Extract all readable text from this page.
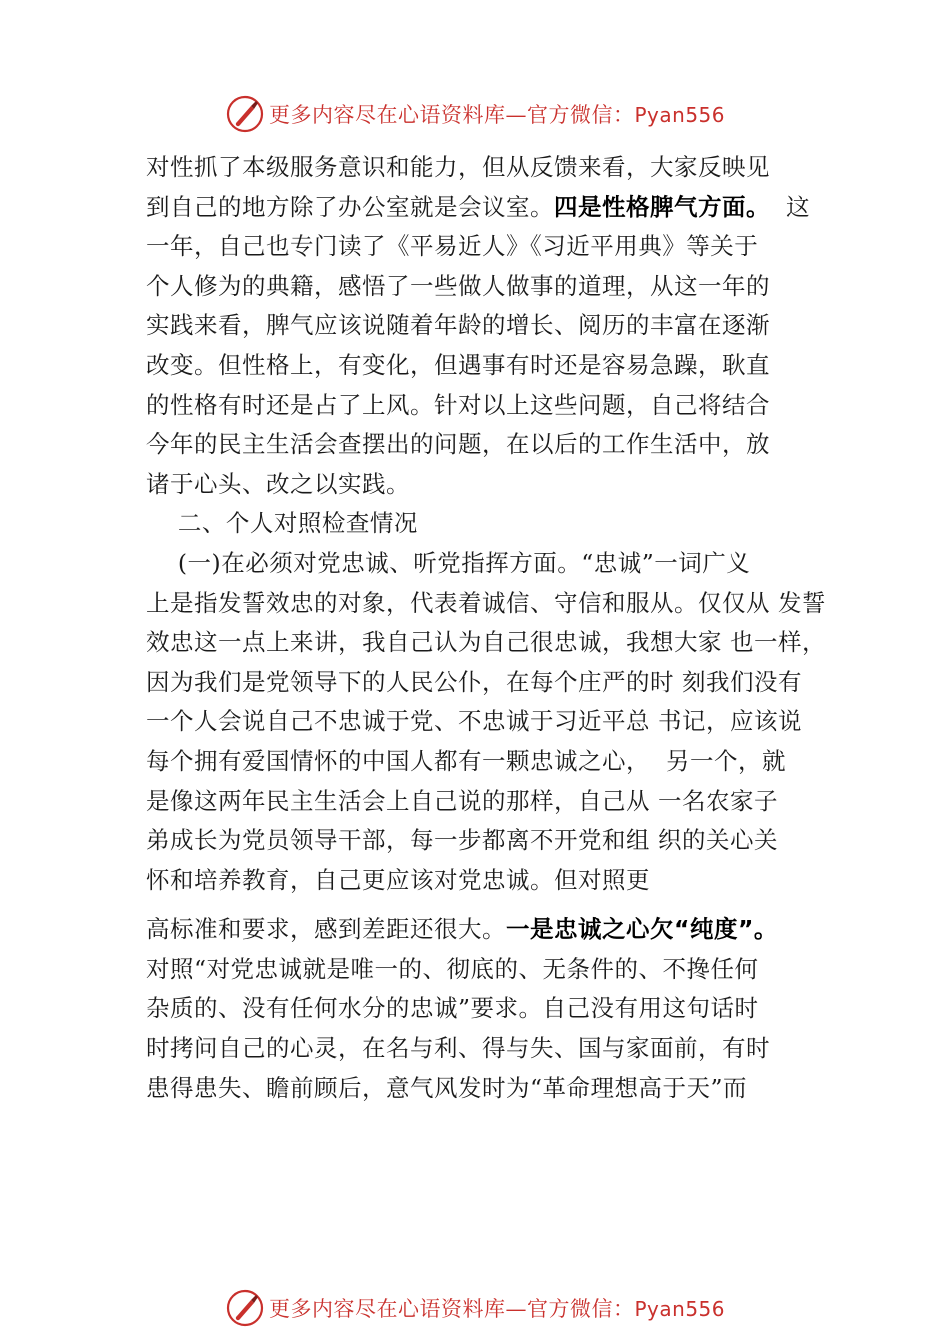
更多内容尽在心语资料库—官方微信：Pyan556
对性抓了本级服务意识和能力，但从反馈来看，大家反映见
到自己的地方除了办公室就是会议室。四是性格脾气方面。  这
一年，自己也专门读了《平易近人》《习近平用典》等关于
个人修为的典籍，感悟了一些做人做事的道理，从这一年的
实践来看，脾气应该说随着年龄的增长、阅历的丰富在逐渐
改变。但性格上，有变化，但遇事有时还是容易急躁，耿直
的性格有时还是占了上风。针对以上这些问题，自己将结合
今年的民主生活会查摆出的问题，在以后的工作生活中，放
诸于心头、改之以实践。
二、个人对照检查情况
(一)在必须对党忠诚、听党指挥方面。“忠诚”一词广义
上是指发誓效忠的对象，代表着诚信、守信和服从。仅仅从 发誓
效忠这一点上来讲，我自己认为自己很忠诚，我想大家 也一样，
因为我们是党领导下的人民公仆，在每个庄严的时 刻我们没有
一个人会说自己不忠诚于党、不忠诚于习近平总 书记，应该说
每个拥有爱国情怀的中国人都有一颗忠诚之心，  另一个，就
是像这两年民主生活会上自己说的那样，自己从 一名农家子
弟成长为党员领导干部，每一步都离不开党和组 织的关心关
怀和培养教育，自己更应该对党忠诚。但对照更
高标准和要求，感到差距还很大。一是忠诚之心欠“纯度”。
对照“对党忠诚就是唯一的、彻底的、无条件的、不搀任何
杂质的、没有任何水分的忠诚”要求。自己没有用这句话时
时拷问自己的心灵，在名与利、得与失、国与家面前，有时
患得患失、瞻前顾后，意气风发时为“革命理想高于天”而
更多内容尽在心语资料库—官方微信：Pyan556
